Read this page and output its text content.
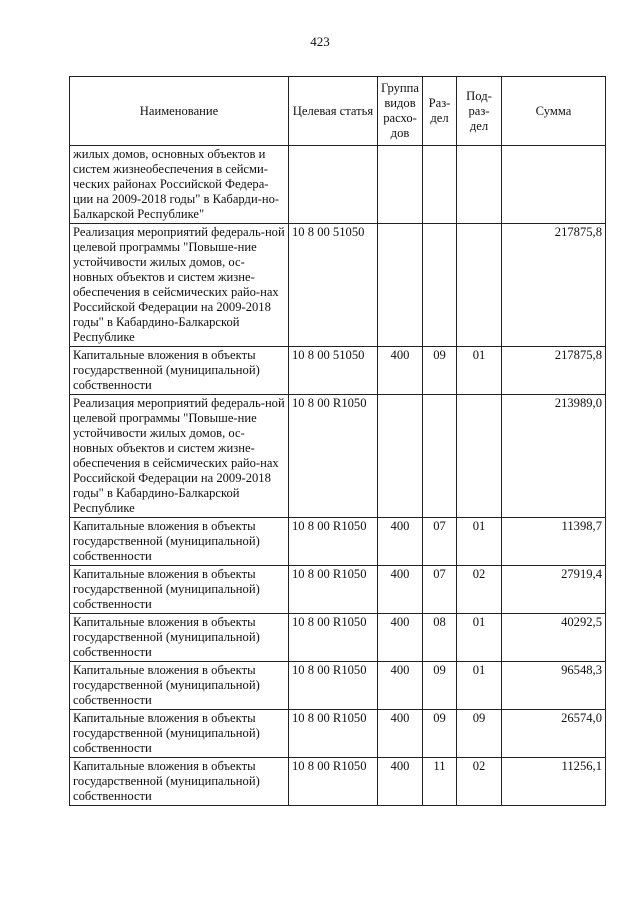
423
Наименование	Целевая статья	Группа видов расхо-дов	Раз-дел	Под-раз-дел	Сумма
жилых домов, основных объектов и систем жизнеобеспечения в сейсми-ческих районах Российской Федера-ции на 2009-2018 годы" в Кабарди-но-Балкарской Республике"					
Реализация мероприятий федераль-ной целевой программы "Повыше-ние устойчивости жилых домов, ос-новных объектов и систем жизне-обеспечения в сейсмических райо-нах Российской Федерации на 2009-2018 годы" в Кабардино-Балкарской Республике	10 8 00 51050				217875,8
Капитальные вложения в объекты государственной (муниципальной) собственности	10 8 00 51050	400	09	01	217875,8
Реализация мероприятий федераль-ной целевой программы "Повыше-ние устойчивости жилых домов, ос-новных объектов и систем жизне-обеспечения в сейсмических райо-нах Российской Федерации на 2009-2018 годы" в Кабардино-Балкарской Республике	10 8 00 R1050				213989,0
Капитальные вложения в объекты государственной (муниципальной) собственности	10 8 00 R1050	400	07	01	11398,7
Капитальные вложения в объекты государственной (муниципальной) собственности	10 8 00 R1050	400	07	02	27919,4
Капитальные вложения в объекты государственной (муниципальной) собственности	10 8 00 R1050	400	08	01	40292,5
Капитальные вложения в объекты государственной (муниципальной) собственности	10 8 00 R1050	400	09	01	96548,3
Капитальные вложения в объекты государственной (муниципальной) собственности	10 8 00 R1050	400	09	09	26574,0
Капитальные вложения в объекты государственной (муниципальной) собственности	10 8 00 R1050	400	11	02	11256,1
